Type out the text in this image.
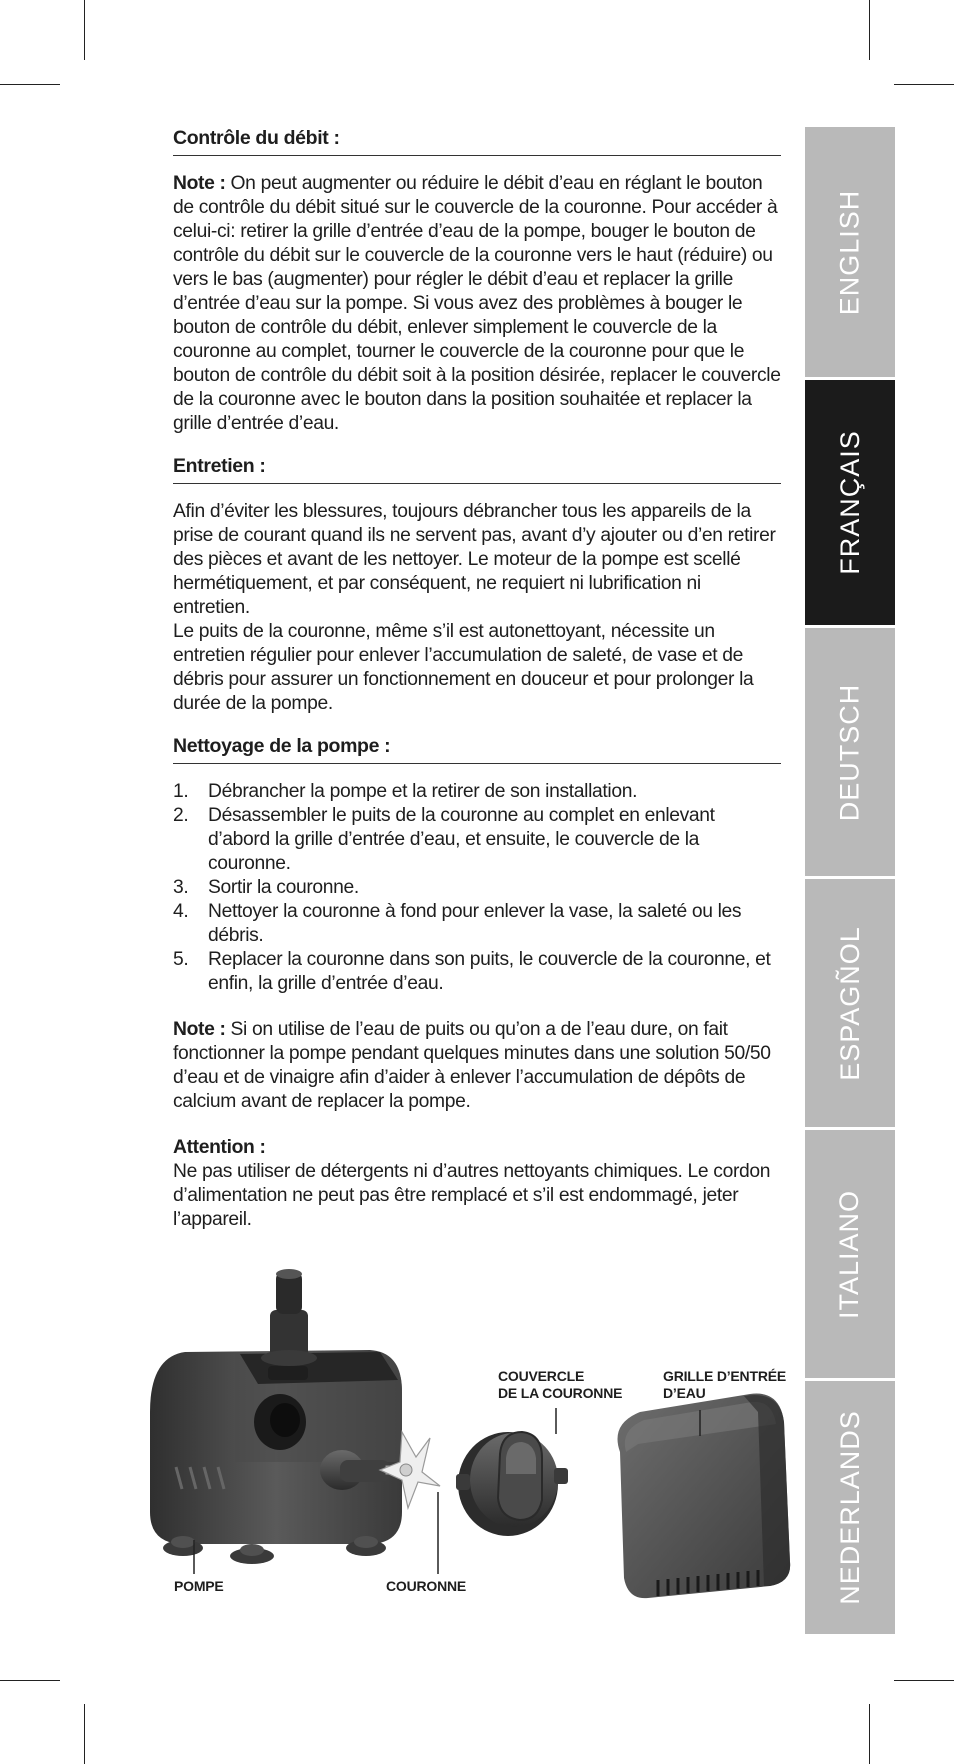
Contrôle du débit :

Note : On peut augmenter ou réduire le débit d’eau en réglant le bouton de contrôle du débit situé sur le couvercle de la couronne. Pour accéder à celui-ci: retirer la grille d’entrée d’eau de la pompe, bouger le bouton de contrôle du débit sur le couvercle de la couronne vers le haut (réduire) ou vers le bas (augmenter) pour régler le débit d’eau et replacer la grille d’entrée d’eau sur la pompe. Si vous avez des problèmes à bouger le bouton de contrôle du débit, enlever simplement le couvercle de la couronne au complet, tourner le couvercle de la couronne pour que le bouton de contrôle du débit soit à la position désirée, replacer le couvercle de la couronne avec le bouton dans la position souhaitée et replacer la grille d’entrée d’eau.

Entretien :

Afin d’éviter les blessures, toujours débrancher tous les appareils de la prise de courant quand ils ne servent pas, avant d’y ajouter ou d’en retirer des pièces et avant de les nettoyer. Le moteur de la pompe est scellé hermétiquement, et par conséquent, ne requiert ni lubrification ni entretien.

Le puits de la couronne, même s’il est autonettoyant, nécessite un entretien régulier pour enlever l’accumulation de saleté, de vase et de débris pour assurer un fonctionnement en douceur et pour prolonger la durée de la pompe.

Nettoyage de la pompe :
1. Débrancher la pompe et la retirer de son installation.
2. Désassembler le puits de la couronne au complet en enlevant d’abord la grille d’entrée d’eau, et ensuite, le couvercle de la couronne.
3. Sortir la couronne.
4. Nettoyer la couronne à fond pour enlever la vase, la saleté ou les débris.
5. Replacer la couronne dans son puits, le couvercle de la couronne, et enfin, la grille d’entrée d’eau.

Note : Si on utilise de l’eau de puits ou qu’on a de l’eau dure, on fait fonctionner la pompe pendant quelques minutes dans une solution 50/50 d’eau et de vinaigre afin d’aider à enlever l’accumulation de dépôts de calcium avant de replacer la pompe.

Attention :

Ne pas utiliser de détergents ni d’autres nettoyants chimiques. Le cordon d’alimentation ne peut pas être remplacé et s’il est endommagé, jeter l’appareil.

ENGLISH
FRANÇAIS
DEUTSCH
ESPAGÑOL
ITALIANO
NEDERLANDS
POMPE	COURONNE
COUVERCLE
DE LA COURONNE
GRILLE D’ENTRÉE
D’EAU
